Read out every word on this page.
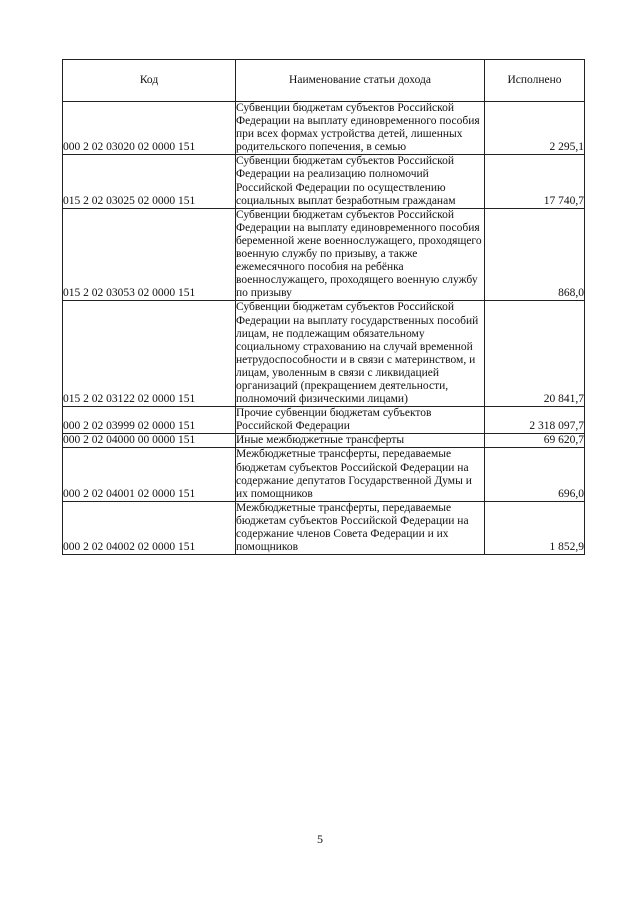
Код	Наименование статьи дохода	Исполнено
000 2 02 03020 02 0000 151	Субвенции бюджетам субъектов Российской Федерации на выплату единовременного пособия при всех формах устройства детей, лишенных родительского попечения, в семью	2 295,1
015 2 02 03025 02 0000 151	Субвенции бюджетам субъектов Российской Федерации на реализацию полномочий Российской Федерации по осуществлению социальных выплат безработным гражданам	17 740,7
015 2 02 03053 02 0000 151	Субвенции бюджетам субъектов Российской Федерации на выплату единовременного пособия беременной жене военнослужащего, проходящего военную службу по призыву, а также ежемесячного пособия на ребёнка военнослужащего, проходящего военную службу по призыву	868,0
015 2 02 03122 02 0000 151	Субвенции бюджетам субъектов Российской Федерации на выплату государственных пособий лицам, не подлежащим обязательному социальному страхованию на случай временной нетрудоспособности и в связи с материнством, и лицам, уволенным в связи с ликвидацией организаций (прекращением деятельности, полномочий физическими лицами)	20 841,7
000 2 02 03999 02 0000 151	Прочие субвенции бюджетам субъектов Российской Федерации	2 318 097,7
000 2 02 04000 00 0000 151	Иные межбюджетные трансферты	69 620,7
000 2 02 04001 02 0000 151	Межбюджетные трансферты, передаваемые бюджетам субъектов Российской Федерации на содержание депутатов Государственной Думы и их помощников	696,0
000 2 02 04002 02 0000 151	Межбюджетные трансферты, передаваемые бюджетам субъектов Российской Федерации на содержание членов Совета Федерации и их помощников	1 852,9
5
